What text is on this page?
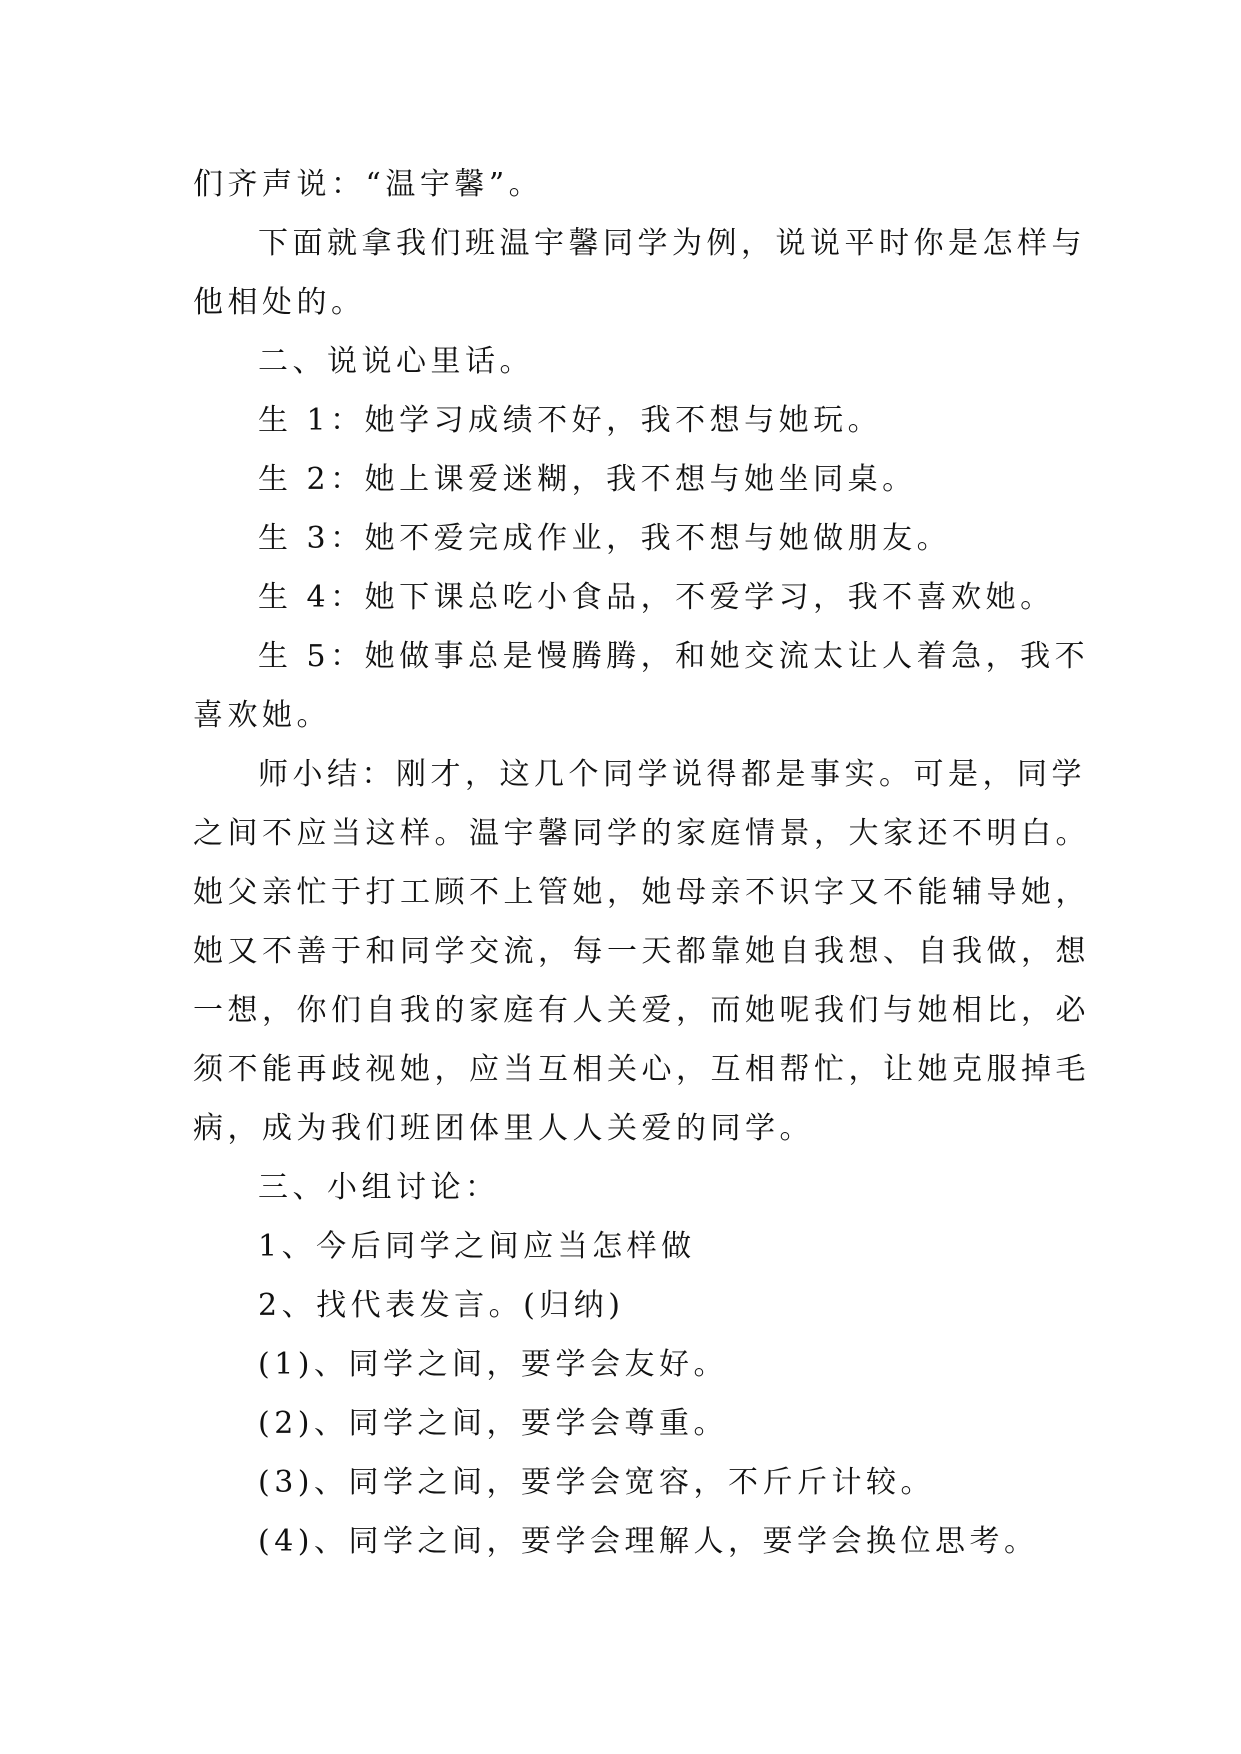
们齐声说：“温宇馨”。

下面就拿我们班温宇馨同学为例，说说平时你是怎样与

他相处的。

二、说说心里话。

生 1：她学习成绩不好，我不想与她玩。

生 2：她上课爱迷糊，我不想与她坐同桌。

生 3：她不爱完成作业，我不想与她做朋友。

生 4：她下课总吃小食品，不爱学习，我不喜欢她。

生 5：她做事总是慢腾腾，和她交流太让人着急，我不

喜欢她。

师小结：刚才，这几个同学说得都是事实。可是，同学

之间不应当这样。温宇馨同学的家庭情景，大家还不明白。

她父亲忙于打工顾不上管她，她母亲不识字又不能辅导她，

她又不善于和同学交流，每一天都靠她自我想、自我做，想

一想，你们自我的家庭有人关爱，而她呢我们与她相比，必

须不能再歧视她，应当互相关心，互相帮忙，让她克服掉毛

病，成为我们班团体里人人关爱的同学。

三、小组讨论：

1、今后同学之间应当怎样做

2、找代表发言。(归纳)

(1)、同学之间，要学会友好。

(2)、同学之间，要学会尊重。

(3)、同学之间，要学会宽容，不斤斤计较。

(4)、同学之间，要学会理解人，要学会换位思考。
